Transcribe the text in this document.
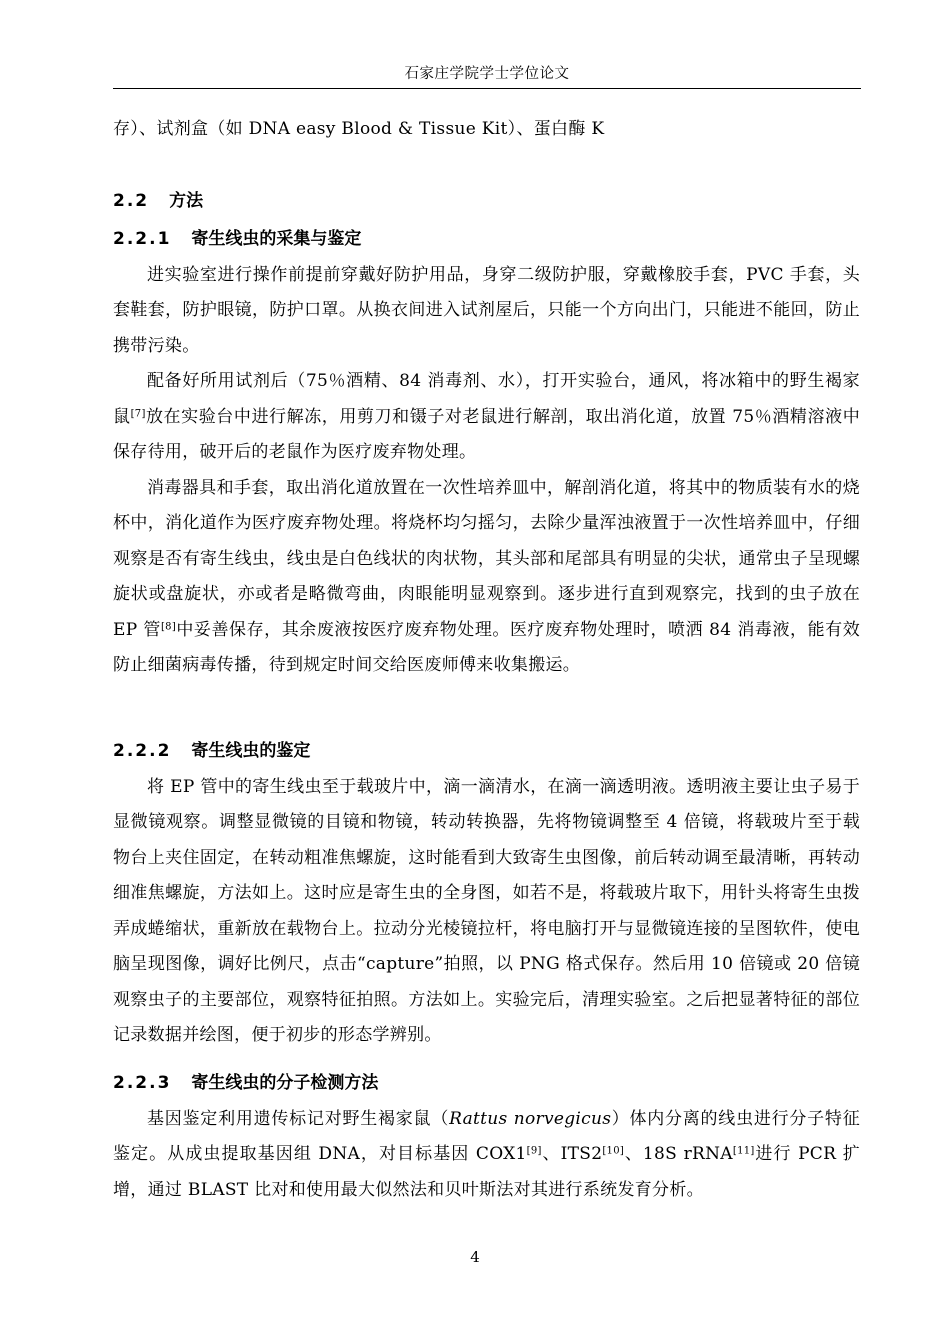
石家庄学院学士学位论文

存）、试剂盒（如 DNA easy Blood & Tissue Kit）、蛋白酶 K

2.2 方法
2.2.1 寄生线虫的采集与鉴定

进实验室进行操作前提前穿戴好防护用品，身穿二级防护服，穿戴橡胶手套，PVC 手套，头套鞋套，防护眼镜，防护口罩。从换衣间进入试剂屋后，只能一个方向出门，只能进不能回，防止携带污染。

配备好所用试剂后（75％酒精、84 消毒剂、水），打开实验台，通风，将冰箱中的野生褐家鼠[7]放在实验台中进行解冻，用剪刀和镊子对老鼠进行解剖，取出消化道，放置 75％酒精溶液中保存待用，破开后的老鼠作为医疗废弃物处理。

消毒器具和手套，取出消化道放置在一次性培养皿中，解剖消化道，将其中的物质装有水的烧杯中，消化道作为医疗废弃物处理。将烧杯均匀摇匀，去除少量浑浊液置于一次性培养皿中，仔细观察是否有寄生线虫，线虫是白色线状的肉状物，其头部和尾部具有明显的尖状，通常虫子呈现螺旋状或盘旋状，亦或者是略微弯曲，肉眼能明显观察到。逐步进行直到观察完，找到的虫子放在 EP 管[8]中妥善保存，其余废液按医疗废弃物处理。医疗废弃物处理时，喷洒 84 消毒液，能有效防止细菌病毒传播，待到规定时间交给医废师傅来收集搬运。

2.2.2 寄生线虫的鉴定

将 EP 管中的寄生线虫至于载玻片中，滴一滴清水，在滴一滴透明液。透明液主要让虫子易于显微镜观察。调整显微镜的目镜和物镜，转动转换器，先将物镜调整至 4 倍镜，将载玻片至于载物台上夹住固定，在转动粗准焦螺旋，这时能看到大致寄生虫图像，前后转动调至最清晰，再转动细准焦螺旋，方法如上。这时应是寄生虫的全身图，如若不是，将载玻片取下，用针头将寄生虫拨弄成蜷缩状，重新放在载物台上。拉动分光棱镜拉杆，将电脑打开与显微镜连接的呈图软件，使电脑呈现图像，调好比例尺，点击“capture”拍照，以 PNG 格式保存。然后用 10 倍镜或 20 倍镜观察虫子的主要部位，观察特征拍照。方法如上。实验完后，清理实验室。之后把显著特征的部位记录数据并绘图，便于初步的形态学辨别。

2.2.3 寄生线虫的分子检测方法

基因鉴定利用遗传标记对野生褐家鼠（Rattus norvegicus）体内分离的线虫进行分子特征鉴定。从成虫提取基因组 DNA，对目标基因 COX1[9]、ITS2[10]、18S rRNA[11]进行 PCR 扩增，通过 BLAST 比对和使用最大似然法和贝叶斯法对其进行系统发育分析。

4
